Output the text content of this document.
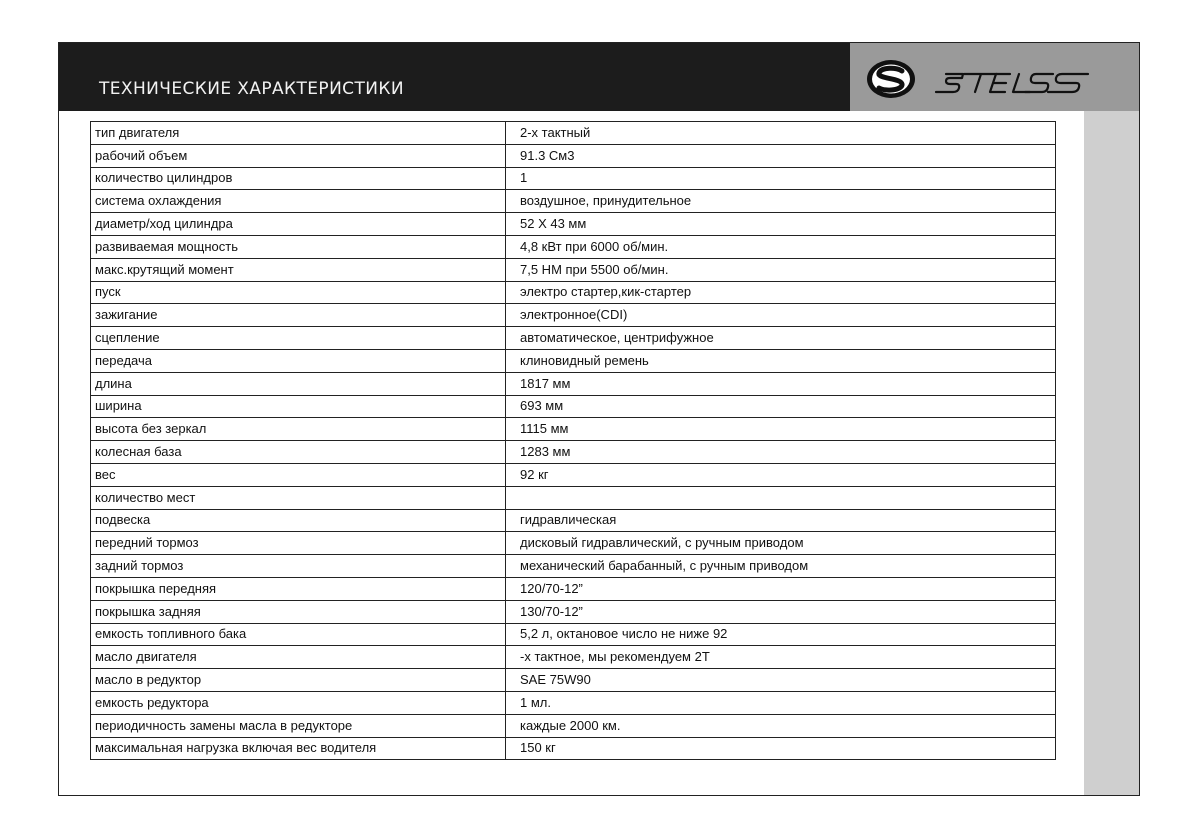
ТЕХНИЧЕСКИЕ ХАРАКТЕРИСТИКИ
тип двигателя	2-х тактный
рабочий объем	91.3 См3
количество цилиндров	1
система охлаждения	воздушное, принудительное
диаметр/ход цилиндра	52 Х 43 мм
развиваемая мощность	4,8 кВт при 6000 об/мин.
макс.крутящий момент	7,5 НМ при 5500 об/мин.
пуск	электро стартер,кик-стартер
зажигание	электронное(CDI)
сцепление	автоматическое, центрифужное
передача	клиновидный ремень
длина	1817 мм
ширина	693 мм
высота без зеркал	1115 мм
колесная база	1283 мм
вес	92 кг
количество мест	
подвеска	гидравлическая
передний тормоз	дисковый гидравлический, с ручным приводом
задний тормоз	механический барабанный, с ручным приводом
покрышка передняя	120/70-12”
покрышка задняя	130/70-12”
емкость топливного бака	5,2 л, октановое число не ниже 92
масло двигателя	-х тактное, мы рекомендуем 2Т
масло в редуктор	SAE 75W90
емкость редуктора	1 мл.
периодичность замены масла в редукторе	каждые 2000 км.
максимальная нагрузка включая вес водителя	150 кг
